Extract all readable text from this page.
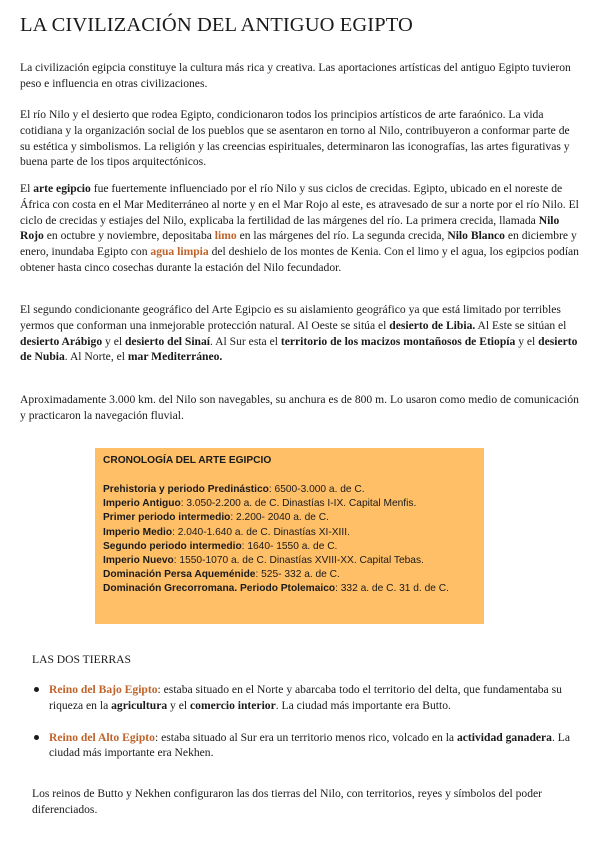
LA CIVILIZACIÓN DEL ANTIGUO EGIPTO

La civilización egipcia constituye la cultura más rica y creativa. Las aportaciones artísticas del antiguo Egipto tuvieron peso e influencia en otras civilizaciones.

El río Nilo y el desierto que rodea Egipto, condicionaron todos los principios artísticos de arte faraónico. La vida cotidiana y la organización social de los pueblos que se asentaron en torno al Nilo, contribuyeron a conformar parte de su estética y simbolismos. La religión y las creencias espirituales, determinaron las iconografías, las artes figurativas y buena parte de los tipos arquitectónicos.

El arte egipcio fue fuertemente influenciado por el río Nilo y sus ciclos de crecidas. Egipto, ubicado en el noreste de África con costa en el Mar Mediterráneo al norte y en el Mar Rojo al este, es atravesado de sur a norte por el río Nilo. El ciclo de crecidas y estiajes del Nilo, explicaba la fertilidad de las márgenes del río. La primera crecida, llamada Nilo Rojo en octubre y noviembre, depositaba limo en las márgenes del río. La segunda crecida, Nilo Blanco en diciembre y enero, inundaba Egipto con agua limpia del deshielo de los montes de Kenia. Con el limo y el agua, los egipcios podían obtener hasta cinco cosechas durante la estación del Nilo fecundador.

El segundo condicionante geográfico del Arte Egipcio es su aislamiento geográfico ya que está limitado por terribles yermos que conforman una inmejorable protección natural. Al Oeste se sitúa el desierto de Libia. Al Este se sitúan el desierto Arábigo y el desierto del Sinaí. Al Sur esta el territorio de los macizos montañosos de Etiopía y el desierto de Nubia. Al Norte, el mar Mediterráneo.

Aproximadamente 3.000 km. del Nilo son navegables, su anchura es de 800 m. Lo usaron como medio de comunicación y practicaron la navegación fluvial.

CRONOLOGÍA DEL ARTE EGIPCIO
Prehistoria y periodo Predinástico: 6500-3.000 a. de C.
Imperio Antiguo: 3.050-2.200 a. de C. Dinastías I-IX. Capital Menfis.
Primer periodo intermedio: 2.200- 2040 a. de C.
Imperio Medio: 2.040-1.640 a. de C. Dinastías XI-XIII.
Segundo periodo intermedio: 1640- 1550 a. de C.
Imperio Nuevo: 1550-1070 a. de C. Dinastías XVIII-XX. Capital Tebas.
Dominación Persa Aqueménide: 525- 332 a. de C.
Dominación Grecorromana. Periodo Ptolemaico: 332 a. de C. 31 d. de C.

LAS DOS TIERRAS

Reino del Bajo Egipto: estaba situado en el Norte y abarcaba todo el territorio del delta, que fundamentaba su riqueza en la agricultura y el comercio interior. La ciudad más importante era Butto.
Reino del Alto Egipto: estaba situado al Sur era un territorio menos rico, volcado en la actividad ganadera. La ciudad más importante era Nekhen.

Los reinos de Butto y Nekhen configuraron las dos tierras del Nilo, con territorios, reyes y símbolos del poder diferenciados.
